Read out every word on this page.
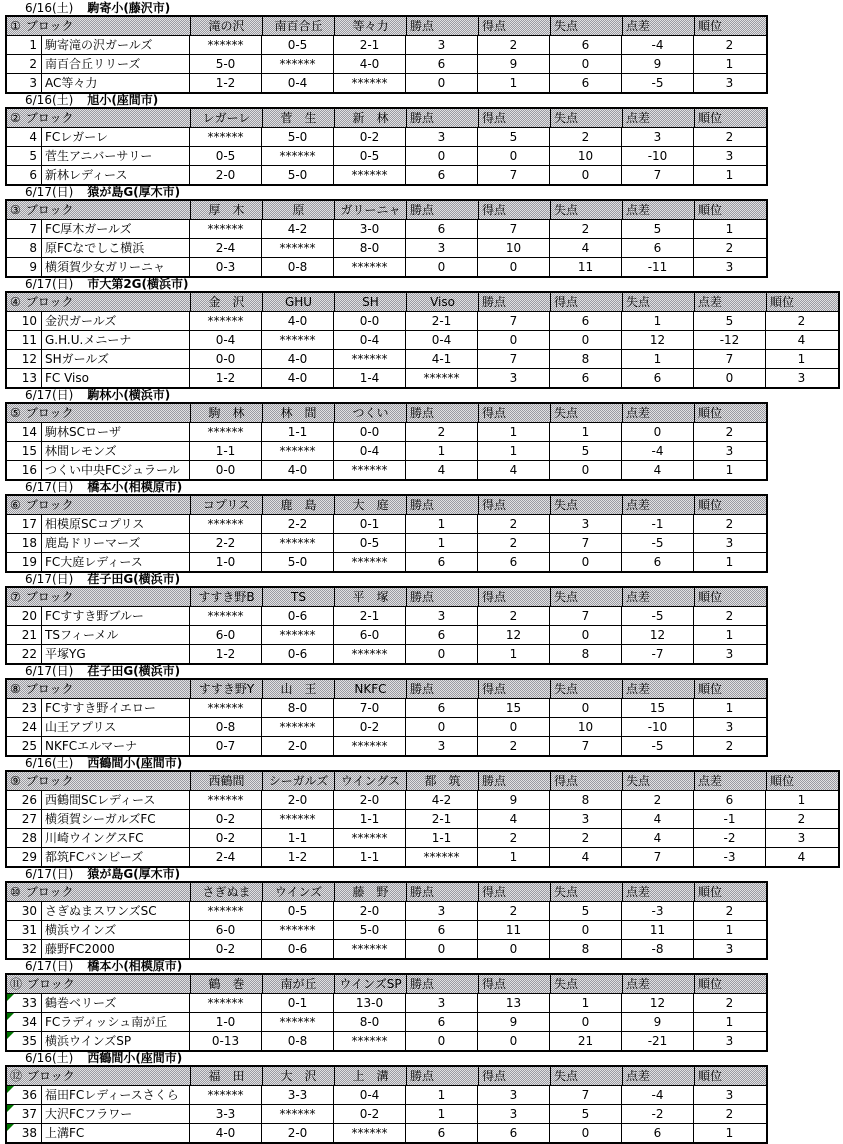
6/16(土) 駒寄小(藤沢市)
① ブロック	滝の沢	南百合丘	等々力	勝点	得点	失点	点差	順位
1 駒寄滝の沢ガールズ	******	0-5	2-1	3	2	6	-4	2
2 南百合丘リリーズ	5-0	******	4-0	6	9	0	9	1
3 AC等々力	1-2	0-4	******	0	1	6	-5	3
6/16(土) 旭小(座間市)
② ブロック	レガーレ	菅　生	新　林	勝点	得点	失点	点差	順位
4 FCレガーレ	******	5-0	0-2	3	5	2	3	2
5 菅生アニバーサリー	0-5	******	0-5	0	0	10	-10	3
6 新林レディース	2-0	5-0	******	6	7	0	7	1
6/17(日) 猿が島G(厚木市)
③ ブロック	厚　木	原	ガリーニャ 勝点	得点	失点	点差	順位
7 FC厚木ガールズ	******	4-2	3-0	6	7	2	5	1
8 原FCなでしこ横浜	2-4	******	8-0	3	10	4	6	2
9 横須賀少女ガリーニャ	0-3	0-8	******	0	0	11	-11	3
6/17(日) 市大第2G(横浜市)
④ ブロック	金　沢	GHU	SH	Viso	勝点	得点	失点	点差	順位
10 金沢ガールズ	******	4-0	0-0	2-1	7	6	1	5	2
11 G.H.U.メニーナ	0-4	******	0-4	0-4	0	0	12	-12	4
12 SHガールズ	0-0	4-0	******	4-1	7	8	1	7	1
13 FC Viso	1-2	4-0	1-4	******	3	6	6	0	3
6/17(日) 駒林小(横浜市)
⑤ ブロック	駒　林	林　間	つくい	勝点	得点	失点	点差	順位
14 駒林SCローザ	******	1-1	0-0	2	1	1	0	2
15 林間レモンズ	1-1	******	0-4	1	1	5	-4	3
16 つくい中央FCジュラール	0-0	4-0	******	4	4	0	4	1
6/17(日) 橋本小(相模原市)
⑥ ブロック	コプリス	鹿　島	大　庭	勝点	得点	失点	点差	順位
17 相模原SCコプリス	******	2-2	0-1	1	2	3	-1	2
18 鹿島ドリーマーズ	2-2	******	0-5	1	2	7	-5	3
19 FC大庭レディース	1-0	5-0	******	6	6	0	6	1
6/17(日) 荏子田G(横浜市)
⑦ ブロック	すすき野B	TS	平　塚	勝点	得点	失点	点差	順位
20 FCすすき野ブルー	******	0-6	2-1	3	2	7	-5	2
21 TSフィーメル	6-0	******	6-0	6	12	0	12	1
22 平塚YG	1-2	0-6	******	0	1	8	-7	3
6/17(日) 荏子田G(横浜市)
⑧ ブロック	すすき野Y	山　王	NKFC	勝点	得点	失点	点差	順位
23 FCすすき野イエロー	******	8-0	7-0	6	15	0	15	1
24 山王アプリス	0-8	******	0-2	0	0	10	-10	3
25 NKFCエルマーナ	0-7	2-0	******	3	2	7	-5	2
6/16(土) 西鶴間小(座間市)
⑨ ブロック	西鶴間	シーガルズ	ウイングス	都　筑	勝点	得点	失点	点差	順位
26 西鶴間SCレディース	******	2-0	2-0	4-2	9	8	2	6	1
27 横須賀シーガルズFC	0-2	******	1-1	2-1	4	3	4	-1	2
28 川崎ウイングスFC	0-2	1-1	******	1-1	2	2	4	-2	3
29 都筑FCバンビーズ	2-4	1-2	1-1	******	1	4	7	-3	4
6/17(日) 猿が島G(厚木市)
⑩ ブロック	さぎぬま	ウインズ	藤　野	勝点	得点	失点	点差	順位
30 さぎぬまスワンズSC	******	0-5	2-0	3	2	5	-3	2
31 横浜ウインズ	6-0	******	5-0	6	11	0	11	1
32 藤野FC2000	0-2	0-6	******	0	0	8	-8	3
6/17(日) 橋本小(相模原市)
⑪ ブロック	鶴　巻	南が丘	ウインズSP 勝点	得点	失点	点差	順位
33 鶴巻ベリーズ	******	0-1	13-0	3	13	1	12	2
34 FCラディッシュ南が丘	1-0	******	8-0	6	9	0	9	1
35 横浜ウインズSP	0-13	0-8	******	0	0	21	-21	3
6/16(土) 西鶴間小(座間市)
⑫ ブロック	福　田	大　沢	上　溝	勝点	得点	失点	点差	順位
36 福田FCレディースさくら	******	3-3	0-4	1	3	7	-4	3
37 大沢FCフラワー	3-3	******	0-2	1	3	5	-2	2
38 上溝FC	4-0	2-0	******	6	6	0	6	1
